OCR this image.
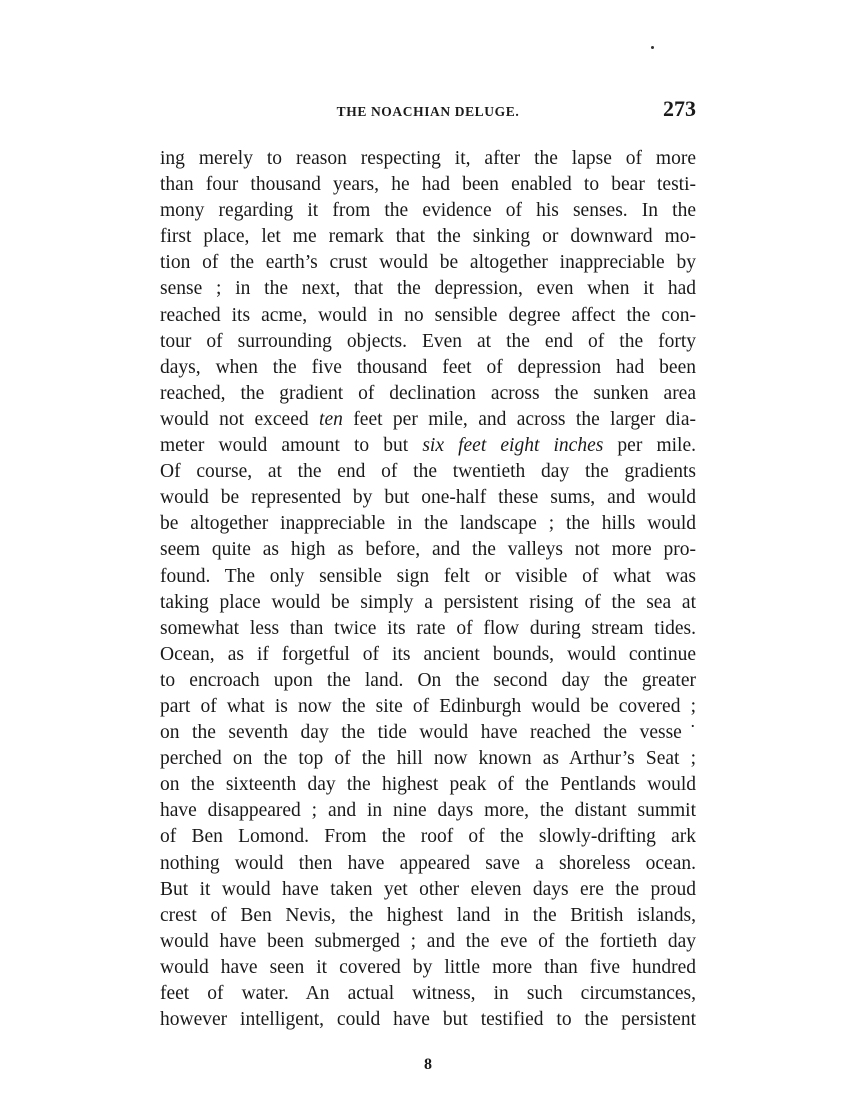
THE NOACHIAN DELUGE.	273
ing merely to reason respecting it, after the lapse of more
than four thousand years, he had been enabled to bear testi-
mony regarding it from the evidence of his senses. In the
first place, let me remark that the sinking or downward mo-
tion of the earth’s crust would be altogether inappreciable by
sense ; in the next, that the depression, even when it had
reached its acme, would in no sensible degree affect the con-
tour of surrounding objects. Even at the end of the forty
days, when the five thousand feet of depression had been
reached, the gradient of declination across the sunken area
would not exceed ten feet per mile, and across the larger dia-
meter would amount to but six feet eight inches per mile.
Of course, at the end of the twentieth day the gradients
would be represented by but one-half these sums, and would
be altogether inappreciable in the landscape ; the hills would
seem quite as high as before, and the valleys not more pro-
found. The only sensible sign felt or visible of what was
taking place would be simply a persistent rising of the sea at
somewhat less than twice its rate of flow during stream tides.
Ocean, as if forgetful of its ancient bounds, would continue
to encroach upon the land. On the second day the greater
part of what is now the site of Edinburgh would be covered ;
on the seventh day the tide would have reached the vesse˙
perched on the top of the hill now known as Arthur’s Seat ;
on the sixteenth day the highest peak of the Pentlands would
have disappeared ; and in nine days more, the distant summit
of Ben Lomond. From the roof of the slowly-drifting ark
nothing would then have appeared save a shoreless ocean.
But it would have taken yet other eleven days ere the proud
crest of Ben Nevis, the highest land in the British islands,
would have been submerged ; and the eve of the fortieth day
would have seen it covered by little more than five hundred
feet of water. An actual witness, in such circumstances,
however intelligent, could have but testified to the persistent
8
